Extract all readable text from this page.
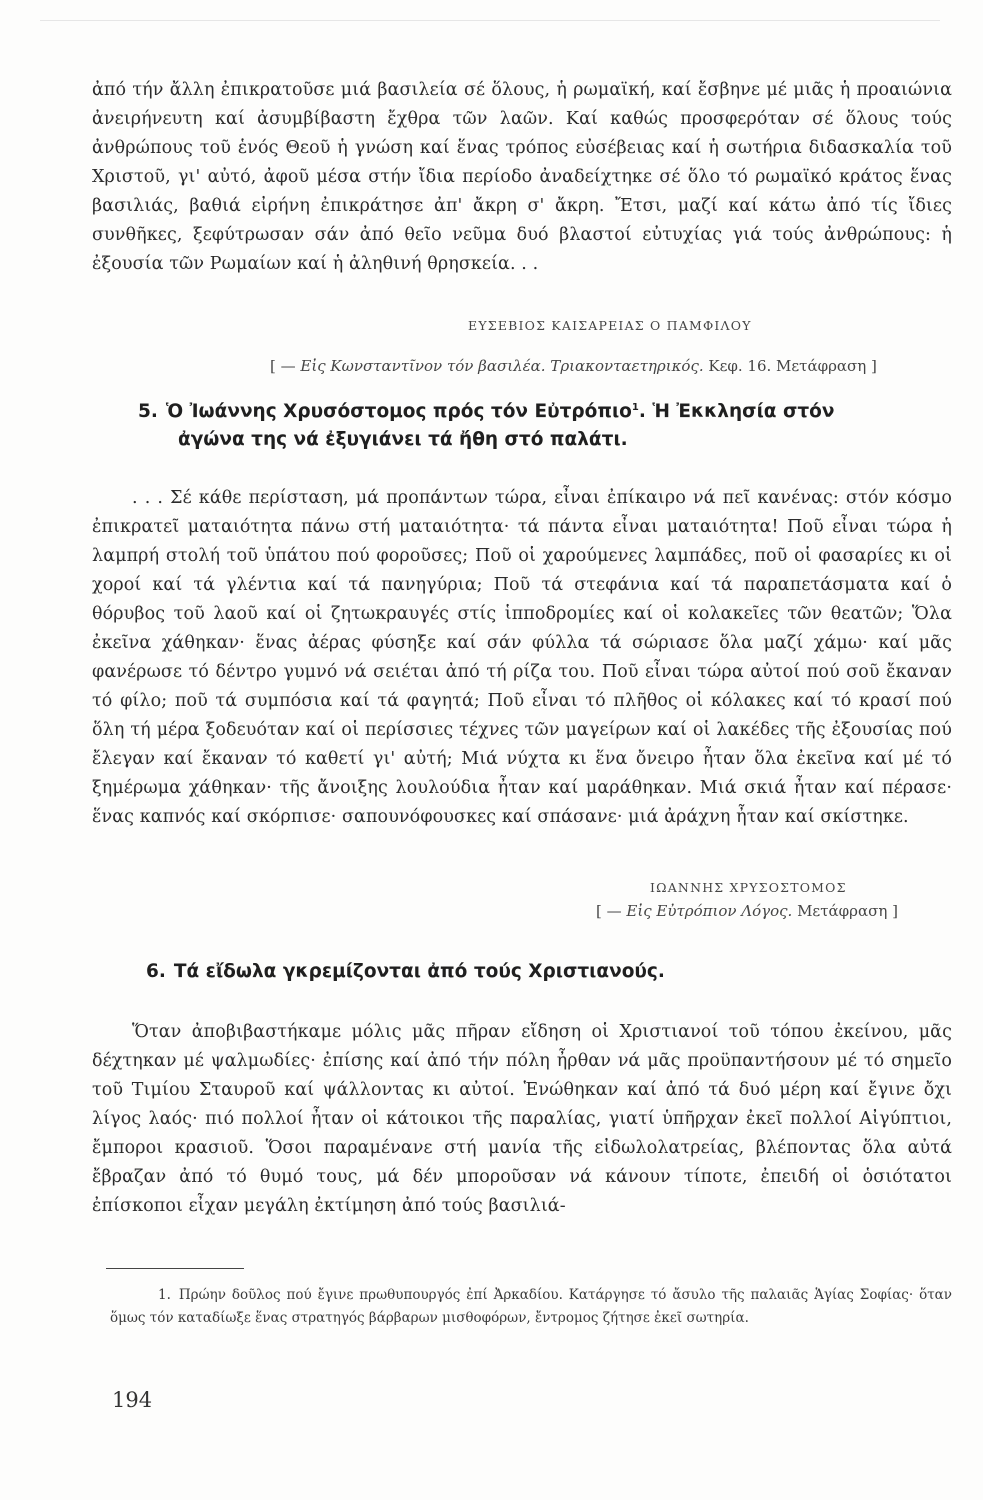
ἀπό τήν ἄλλη ἐπικρατοῦσε μιά βασιλεία σέ ὅλους, ἡ ρωμαϊκή, καί ἔσβηνε μέ μιᾶς ἡ προαιώνια ἀνειρήνευτη καί ἀσυμβίβαστη ἔχθρα τῶν λαῶν. Καί καθώς προσφερόταν σέ ὅλους τούς ἀνθρώπους τοῦ ἑνός Θεοῦ ἡ γνώση καί ἕνας τρόπος εὐσέβειας καί ἡ σωτήρια διδασκαλία τοῦ Χριστοῦ, γι' αὐτό, ἀφοῦ μέσα στήν ἴδια περίοδο ἀναδείχτηκε σέ ὅλο τό ρωμαϊκό κράτος ἕνας βασιλιάς, βαθιά εἰρήνη ἐπικράτησε ἀπ' ἄκρη σ' ἄκρη. Ἔτσι, μαζί καί κάτω ἀπό τίς ἴδιες συνθῆκες, ξεφύτρωσαν σάν ἀπό θεῖο νεῦμα δυό βλαστοί εὐτυχίας γιά τούς ἀνθρώπους: ἡ ἐξουσία τῶν Ρωμαίων καί ἡ ἀληθινή θρησκεία. . .

ΕΥΣΕΒΙΟΣ ΚΑΙΣΑΡΕΙΑΣ Ο ΠΑΜΦΙΛΟΥ
[ — Εἰς Κωνσταντῖνον τόν βασιλέα. Τριακονταετηρικός. Κεφ. 16. Μετάφραση ]
5. Ὁ Ἰωάννης Χρυσόστομος πρός τόν Εὐτρόπιο$^1$. Ἡ Ἐκκλησία στόν
ἀγώνα της νά ἐξυγιάνει τά ἤθη στό παλάτι.

. . . Σέ κάθε περίσταση, μά προπάντων τώρα, εἶναι ἐπίκαιρο νά πεῖ κανένας: στόν κόσμο ἐπικρατεῖ ματαιότητα πάνω στή ματαιότητα· τά πάντα εἶναι ματαιότητα! Ποῦ εἶναι τώρα ἡ λαμπρή στολή τοῦ ὑπάτου πού φοροῦσες; Ποῦ οἱ χαρούμενες λαμπάδες, ποῦ οἱ φασαρίες κι οἱ χοροί καί τά γλέντια καί τά πανηγύρια; Ποῦ τά στεφάνια καί τά παραπετάσματα καί ὁ θόρυβος τοῦ λαοῦ καί οἱ ζητωκραυγές στίς ἱπποδρομίες καί οἱ κολακεῖες τῶν θεατῶν; Ὅλα ἐκεῖνα χάθηκαν· ἕνας ἀέρας φύσηξε καί σάν φύλλα τά σώριασε ὅλα μαζί χάμω· καί μᾶς φανέρωσε τό δέντρο γυμνό νά σειέται ἀπό τή ρίζα του. Ποῦ εἶναι τώρα αὐτοί πού σοῦ ἔκαναν τό φίλο; ποῦ τά συμπόσια καί τά φαγητά; Ποῦ εἶναι τό πλῆθος οἱ κόλακες καί τό κρασί πού ὅλη τή μέρα ξοδευόταν καί οἱ περίσσιες τέχνες τῶν μαγείρων καί οἱ λακέδες τῆς ἐξουσίας πού ἔλεγαν καί ἔκαναν τό καθετί γι' αὐτή; Μιά νύχτα κι ἕνα ὄνειρο ἦταν ὅλα ἐκεῖνα καί μέ τό ξημέρωμα χάθηκαν· τῆς ἄνοιξης λουλούδια ἦταν καί μαράθηκαν. Μιά σκιά ἦταν καί πέρασε· ἕνας καπνός καί σκόρπισε· σαπουνόφουσκες καί σπάσανε· μιά ἀράχνη ἦταν καί σκίστηκε.

ΙΩΑΝΝΗΣ ΧΡΥΣΟΣΤΟΜΟΣ
[ — Εἰς Εὐτρόπιον Λόγος. Μετάφραση ]
6. Τά εἴδωλα γκρεμίζονται ἀπό τούς Χριστιανούς.

Ὅταν ἀποβιβαστήκαμε μόλις μᾶς πῆραν εἴδηση οἱ Χριστιανοί τοῦ τόπου ἐκείνου, μᾶς δέχτηκαν μέ ψαλμωδίες· ἐπίσης καί ἀπό τήν πόλη ἦρθαν νά μᾶς προϋπαντήσουν μέ τό σημεῖο τοῦ Τιμίου Σταυροῦ καί ψάλλοντας κι αὐτοί. Ἑνώθηκαν καί ἀπό τά δυό μέρη καί ἔγινε ὄχι λίγος λαός· πιό πολλοί ἦταν οἱ κάτοικοι τῆς παραλίας, γιατί ὑπῆρχαν ἐκεῖ πολλοί Αἰγύπτιοι, ἔμποροι κρασιοῦ. Ὅσοι παραμένανε στή μανία τῆς εἰδωλολατρείας, βλέποντας ὅλα αὐτά ἔβραζαν ἀπό τό θυμό τους, μά δέν μποροῦσαν νά κάνουν τίποτε, ἐπειδή οἱ ὁσιότατοι ἐπίσκοποι εἶχαν μεγάλη ἐκτίμηση ἀπό τούς βασιλιά-

1. Πρώην δοῦλος πού ἔγινε πρωθυπουργός ἐπί Ἀρκαδίου. Κατάργησε τό ἄσυλο τῆς παλαιᾶς Ἁγίας Σοφίας· ὅταν ὅμως τόν καταδίωξε ἕνας στρατηγός βάρβαρων μισθοφόρων, ἔντρομος ζήτησε ἐκεῖ σωτηρία.

194
